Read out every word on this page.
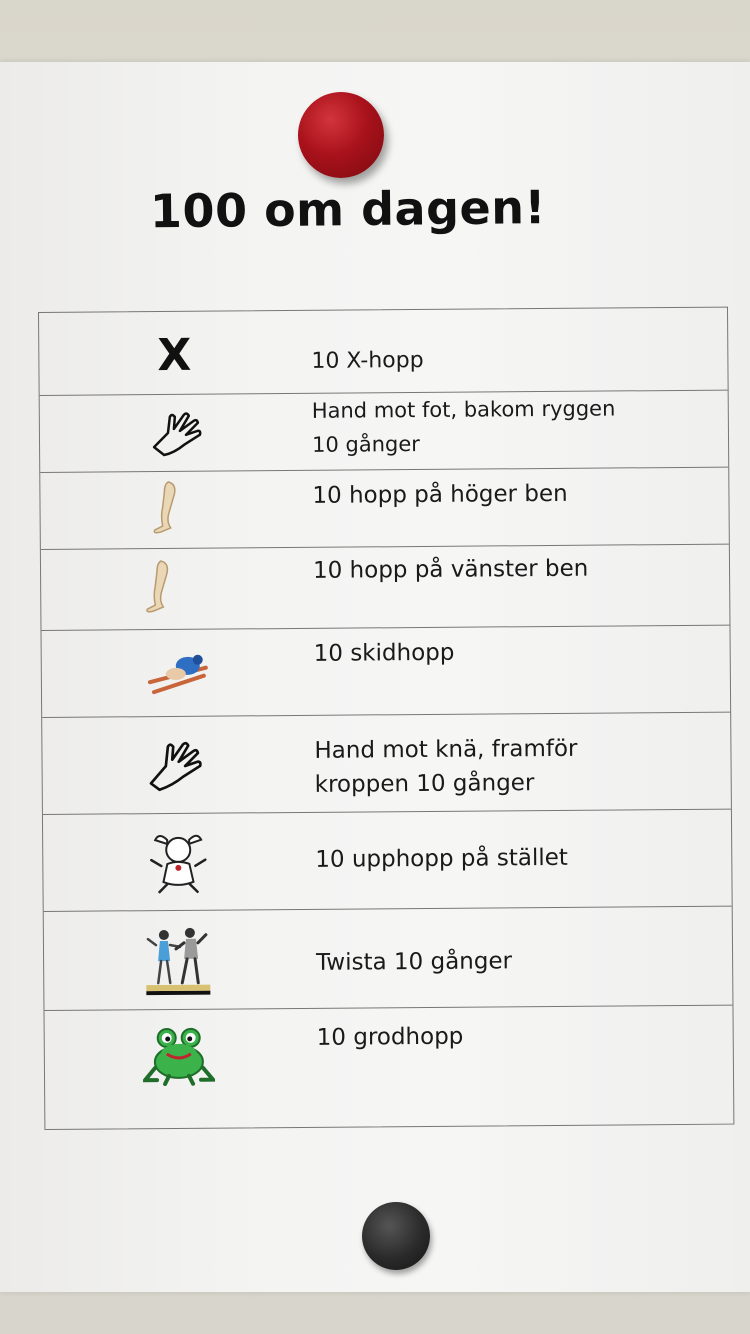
100 om dagen!
X	10 X-hopp
Hand mot fot, bakom ryggen
10 gånger
10 hopp på höger ben
10 hopp på vänster ben
10 skidhopp
Hand mot knä, framför
kroppen 10 gånger
10 upphopp på stället
Twista 10 gånger
10 grodhopp
